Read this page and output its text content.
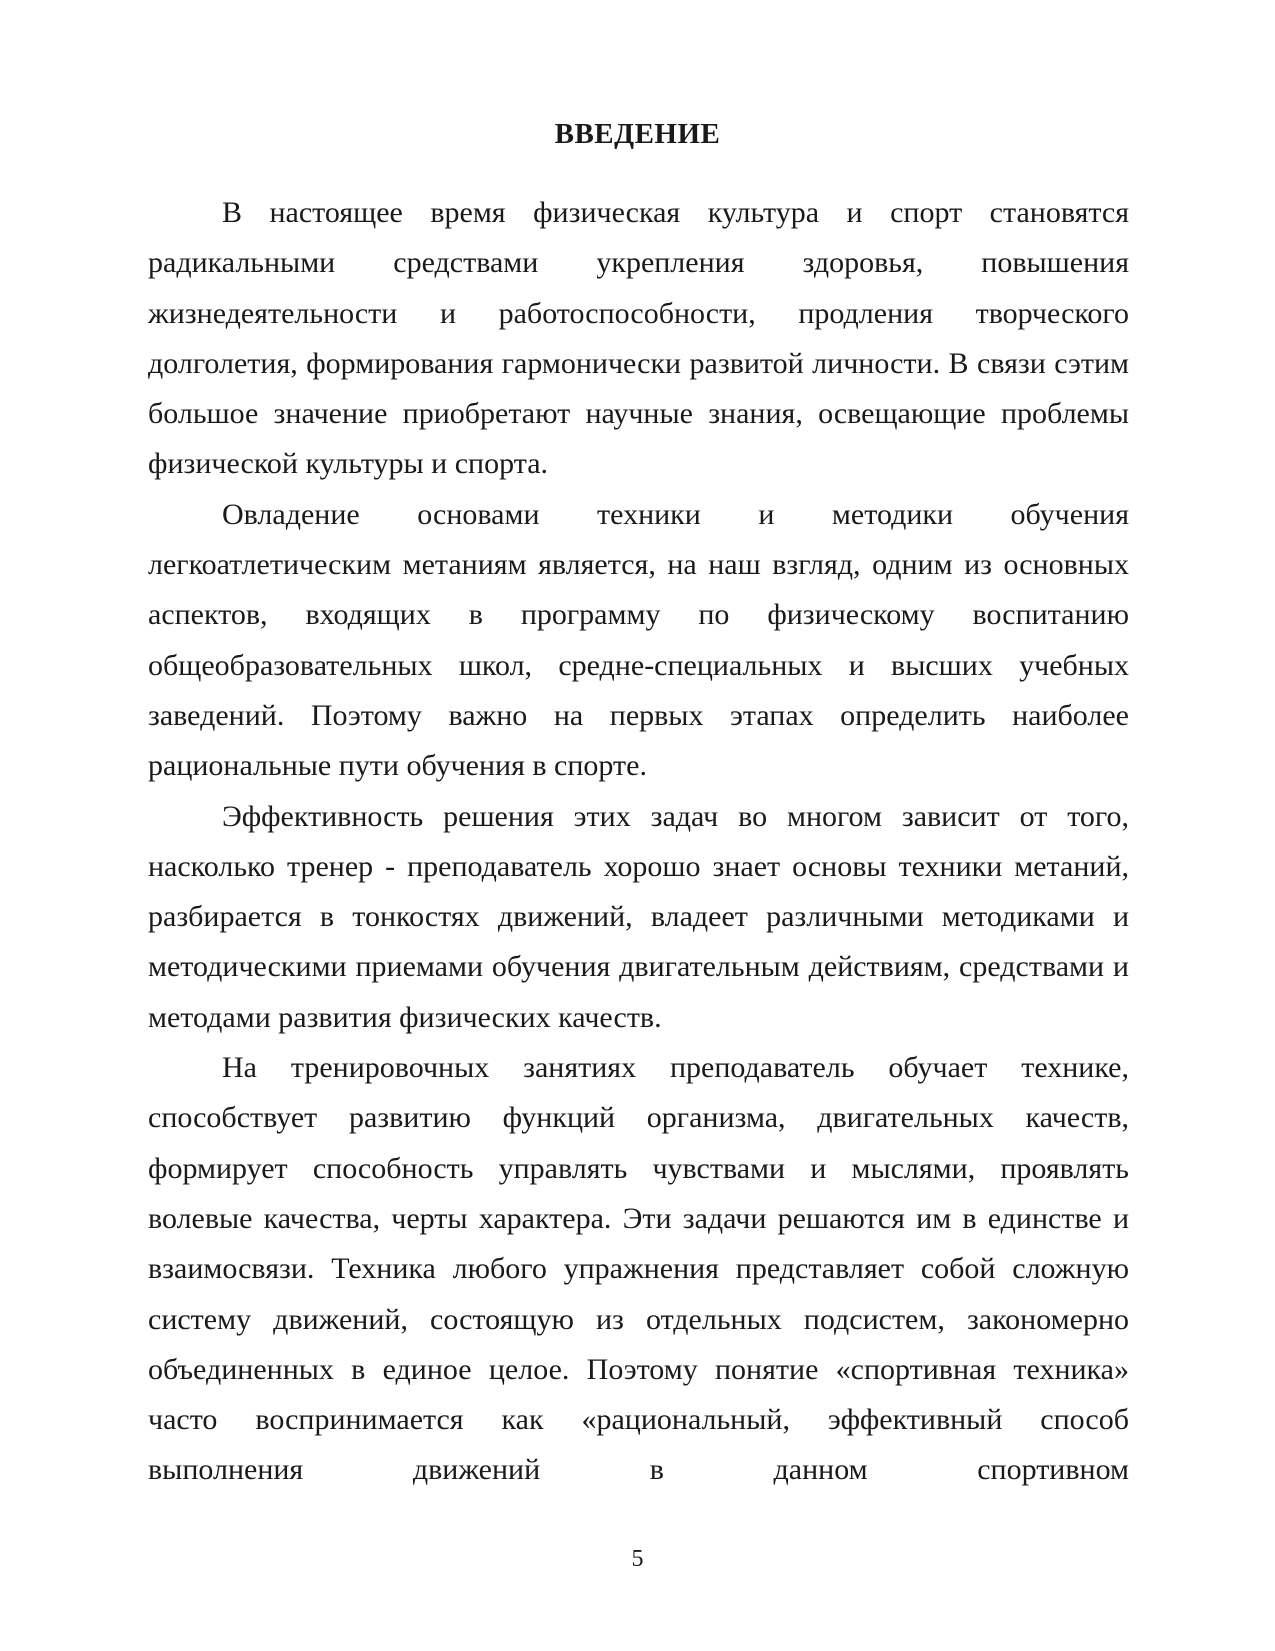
ВВЕДЕНИЕ

В настоящее время физическая культура и спорт становятся радикальными средствами укрепления здоровья, повышения жизнедеятельности и работоспособности, продления творческого долголетия, формирования гармонически развитой личности. В связи сэтим большое значение приобретают научные знания, освещающие проблемы физической культуры и спорта.

Овладение основами техники и методики обучения легкоатлетическим метаниям является, на наш взгляд, одним из основных аспектов, входящих в программу по физическому воспитанию общеобразовательных школ, средне-специальных и высших учебных заведений. Поэтому важно на первых этапах определить наиболее рациональные пути обучения в спорте.

Эффективность решения этих задач во многом зависит от того, насколько тренер - преподаватель хорошо знает основы техники метаний, разбирается в тонкостях движений, владеет различными методиками и методическими приемами обучения двигательным действиям, средствами и методами развития физических качеств.

На тренировочных занятиях преподаватель обучает технике, способствует развитию функций организма, двигательных качеств, формирует способность управлять чувствами и мыслями, проявлять волевые качества, черты характера. Эти задачи решаются им в единстве и взаимосвязи. Техника любого упражнения представляет собой сложную систему движений, состоящую из отдельных подсистем, закономерно объединенных в единое целое. Поэтому понятие «спортивная техника» часто воспринимается как «рациональный, эффективный способ выполнения движений в данном спортивном

5
